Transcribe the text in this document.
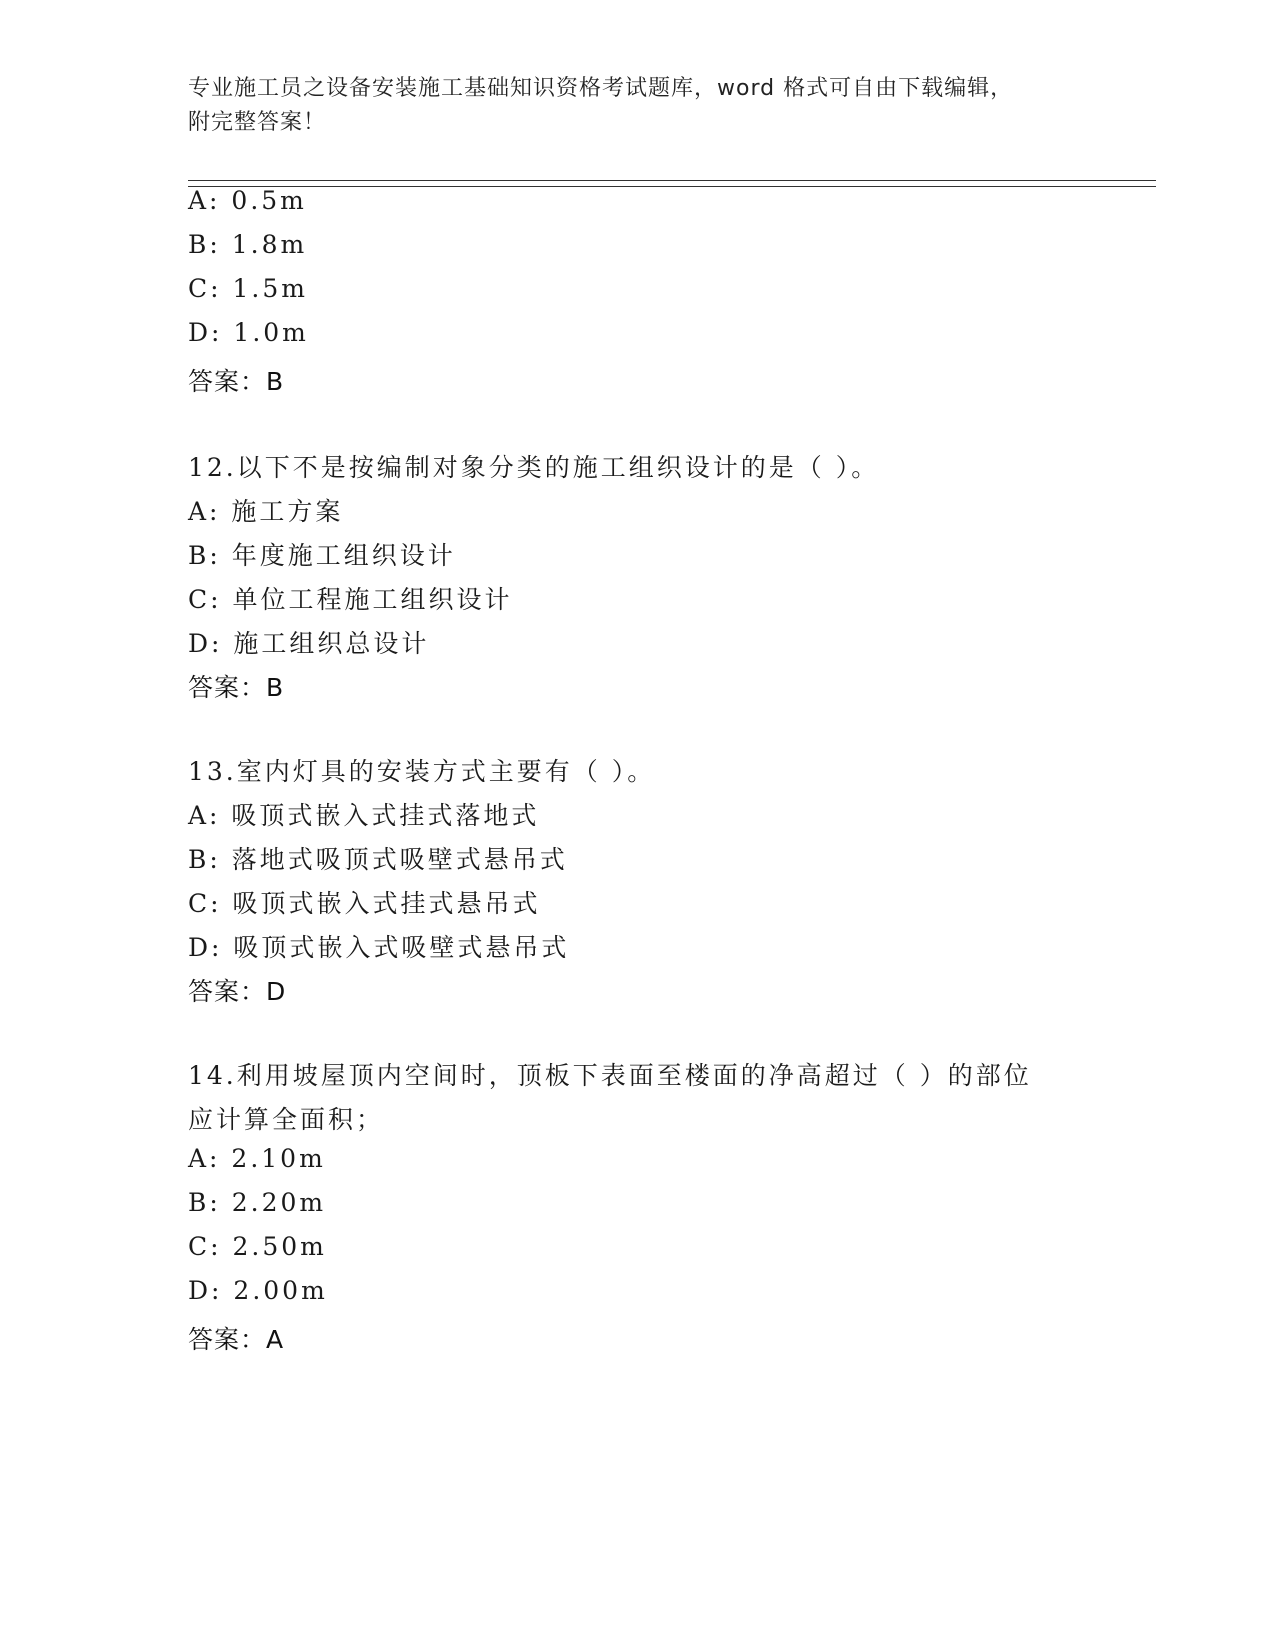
专业施工员之设备安装施工基础知识资格考试题库，word 格式可自由下载编辑，
附完整答案！
A: 0.5m
B: 1.8m
C: 1.5m
D: 1.0m
答案：B
12.以下不是按编制对象分类的施工组织设计的是（ ）。
A: 施工方案
B: 年度施工组织设计
C: 单位工程施工组织设计
D: 施工组织总设计
答案：B
13.室内灯具的安装方式主要有（ ）。
A: 吸顶式嵌入式挂式落地式
B: 落地式吸顶式吸壁式悬吊式
C: 吸顶式嵌入式挂式悬吊式
D: 吸顶式嵌入式吸壁式悬吊式
答案：D
14.利用坡屋顶内空间时，顶板下表面至楼面的净高超过（ ）的部位
应计算全面积；
A: 2.10m
B: 2.20m
C: 2.50m
D: 2.00m
答案：A
